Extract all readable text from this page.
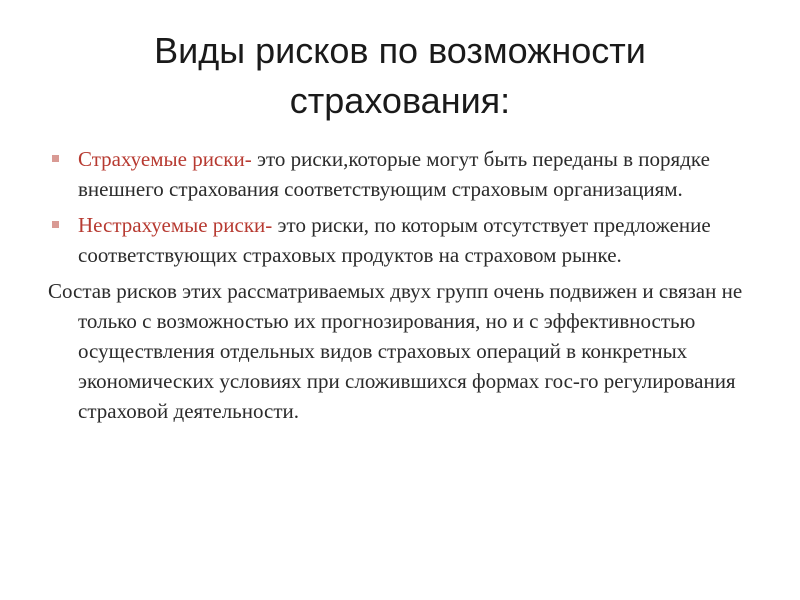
Виды рисков по возможности
страхования:
Страхуемые риски- это риски,которые могут быть переданы в порядке внешнего страхования соответствующим страховым организациям.
Нестрахуемые риски- это риски, по которым отсутствует предложение соответствующих страховых продуктов на страховом рынке.

Состав рисков этих рассматриваемых двух групп очень подвижен и связан не только с возможностью их прогнозирования, но и с эффективностью осуществления отдельных видов страховых операций в конкретных экономических условиях при сложившихся формах гос-го регулирования страховой деятельности.
